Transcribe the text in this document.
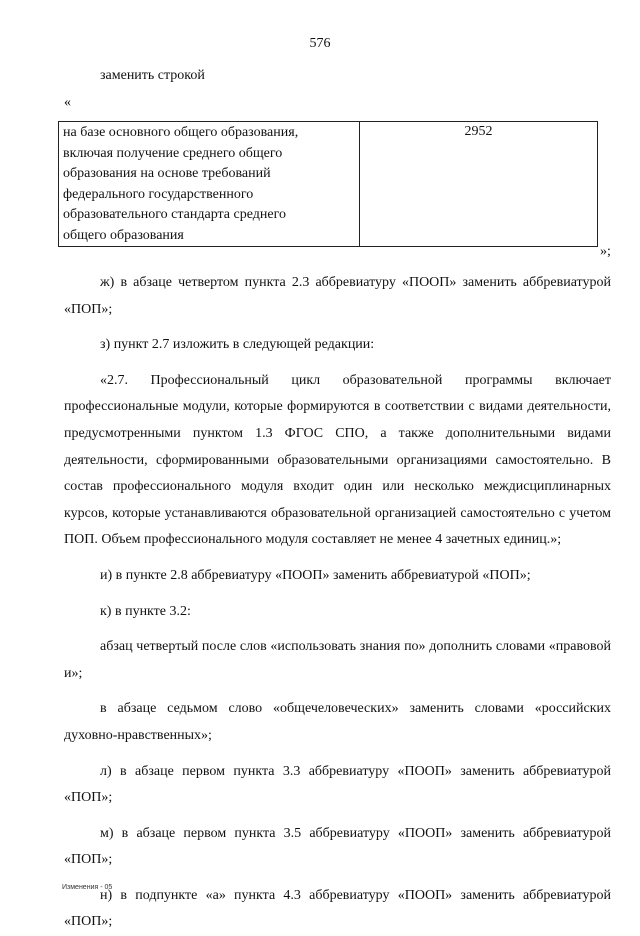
576
заменить строкой
«
на базе основного общего образования,
включая получение среднего общего
образования на основе требований
федерального государственного
образовательного стандарта среднего
общего образования
	2952
»;

ж) в абзаце четвертом пункта 2.3 аббревиатуру «ПООП» заменить аббревиатурой «ПОП»;

з) пункт 2.7 изложить в следующей редакции:

«2.7. Профессиональный цикл образовательной программы включает профессиональные модули, которые формируются в соответствии с видами деятельности, предусмотренными пунктом 1.3 ФГОС СПО, а также дополнительными видами деятельности, сформированными образовательными организациями самостоятельно. В состав профессионального модуля входит один или несколько междисциплинарных курсов, которые устанавливаются образовательной организацией самостоятельно с учетом ПОП. Объем профессионального модуля составляет не менее 4 зачетных единиц.»;

и) в пункте 2.8 аббревиатуру «ПООП» заменить аббревиатурой «ПОП»;

к) в пункте 3.2:

абзац четвертый после слов «использовать знания по» дополнить словами «правовой и»;

в абзаце седьмом слово «общечеловеческих» заменить словами «российских духовно-нравственных»;

л) в абзаце первом пункта 3.3 аббревиатуру «ПООП» заменить аббревиатурой «ПОП»;

м) в абзаце первом пункта 3.5 аббревиатуру «ПООП» заменить аббревиатурой «ПОП»;

н) в подпункте «а» пункта 4.3 аббревиатуру «ПООП» заменить аббревиатурой «ПОП»;

Изменения - 05
